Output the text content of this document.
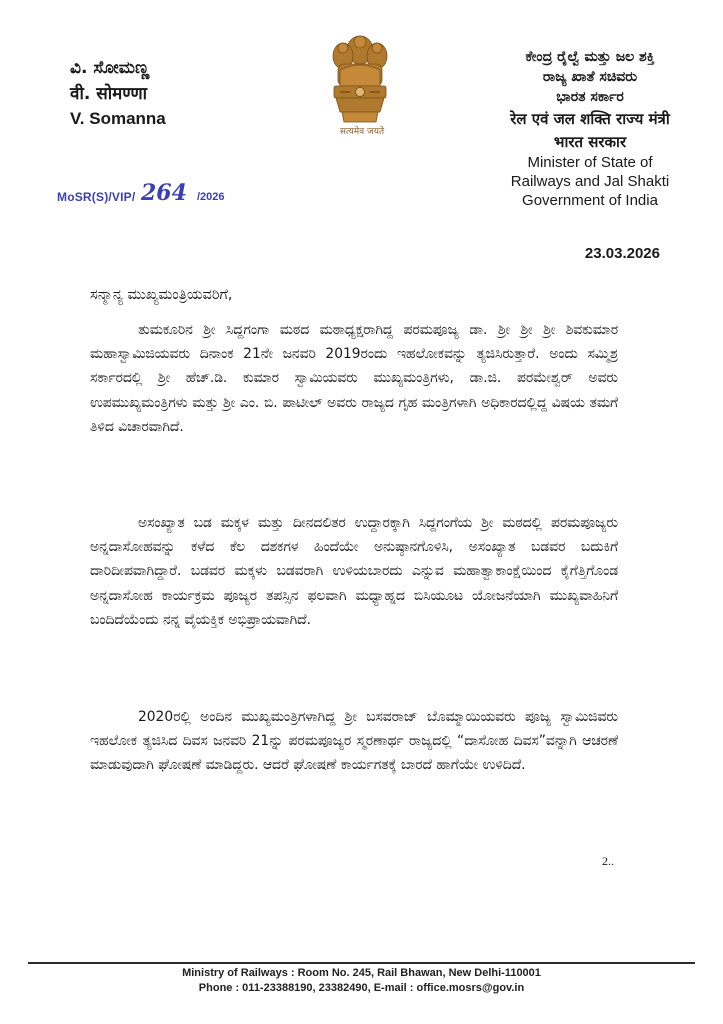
ವಿ. ಸೋಮಣ್ಣ
वी. सोमण्णा
V. Somanna
सत्यमेव जयते
ಕೇಂದ್ರ ರೈಲ್ವೆ ಮತ್ತು ಜಲ ಶಕ್ತಿ
ರಾಜ್ಯ ಖಾತೆ ಸಚಿವರು
ಭಾರತ ಸರ್ಕಾರ
रेल एवं जल शक्ति राज्य मंत्री
भारत सरकार
Minister of State of
Railways and Jal Shakti
Government of India
MoSR(S)/VIP/ 264 /2026
23.03.2026
ಸನ್ಮಾನ್ಯ ಮುಖ್ಯಮಂತ್ರಿಯವರಿಗೆ,
ತುಮಕೂರಿನ ಶ್ರೀ ಸಿದ್ದಗಂಗಾ ಮಠದ ಮಠಾಧ್ಯಕ್ಷರಾಗಿದ್ದ ಪರಮಪೂಜ್ಯ ಡಾ. ಶ್ರೀ ಶ್ರೀ ಶ್ರೀ ಶಿವಕುಮಾರ ಮಹಾಸ್ವಾಮಿಜಿಯವರು ದಿನಾಂಕ 21ನೇ ಜನವರಿ 2019ರಂದು ಇಹಲೋಕವನ್ನು ತ್ಯಜಿಸಿರುತ್ತಾರೆ. ಅಂದು ಸಮ್ಮಿಶ್ರ ಸರ್ಕಾರದಲ್ಲಿ ಶ್ರೀ ಹೆಚ್.ಡಿ. ಕುಮಾರ ಸ್ವಾಮಿಯವರು ಮುಖ್ಯಮಂತ್ರಿಗಳು, ಡಾ.ಜಿ. ಪರಮೇಶ್ವರ್ ಅವರು ಉಪಮುಖ್ಯಮಂತ್ರಿಗಳು ಮತ್ತು ಶ್ರೀ ಎಂ. ಬಿ. ಪಾಟೀಲ್ ಅವರು ರಾಜ್ಯದ ಗೃಹ ಮಂತ್ರಿಗಳಾಗಿ ಅಧಿಕಾರದಲ್ಲಿದ್ದ ವಿಷಯ ತಮಗೆ ತಿಳಿದ ವಿಚಾರವಾಗಿದೆ.
ಅಸಂಖ್ಯಾತ ಬಡ ಮಕ್ಕಳ ಮತ್ತು ದೀನದಲಿತರ ಉದ್ದಾರಕ್ಕಾಗಿ ಸಿದ್ದಗಂಗೆಯ ಶ್ರೀ ಮಠದಲ್ಲಿ ಪರಮಪೂಜ್ಯರು ಅನ್ನದಾಸೋಹವನ್ನು ಕಳೆದ ಕೆಲ ದಶಕಗಳ ಹಿಂದೆಯೇ ಅನುಷ್ಠಾನಗೊಳಿಸಿ, ಅಸಂಖ್ಯಾತ ಬಡವರ ಬದುಕಿಗೆ ದಾರಿದೀಪವಾಗಿದ್ದಾರೆ. ಬಡವರ ಮಕ್ಕಳು ಬಡವರಾಗಿ ಉಳಿಯಬಾರದು ಎನ್ನುವ ಮಹಾತ್ವಾಕಾಂಕ್ಷೆಯಿಂದ ಕೈಗೆತ್ತಿಗೊಂಡ ಅನ್ನದಾಸೋಹ ಕಾರ್ಯಕ್ರಮ ಪೂಜ್ಯರ ತಪಸ್ಸಿನ ಫಲವಾಗಿ ಮಧ್ಯಾಹ್ನದ ಬಿಸಿಯೂಟ ಯೋಜನೆಯಾಗಿ ಮುಖ್ಯವಾಹಿನಿಗೆ ಬಂದಿದೆಯೆಂದು ನನ್ನ ವೈಯಕ್ತಿಕ ಅಭಿಪ್ರಾಯವಾಗಿದೆ.
2020ರಲ್ಲಿ ಅಂದಿನ ಮುಖ್ಯಮಂತ್ರಿಗಳಾಗಿದ್ದ ಶ್ರೀ ಬಸವರಾಜ್ ಬೊಮ್ಮಾಯಿಯವರು ಪೂಜ್ಯ ಸ್ವಾಮಿಜಿವರು ಇಹಲೋಕ ತ್ಯಜಿಸಿದ ದಿವಸ ಜನವರಿ 21ನ್ನು ಪರಮಪೂಜ್ಯರ ಸ್ಮರಣಾರ್ಥ ರಾಜ್ಯದಲ್ಲಿ “ದಾಸೋಹ ದಿವಸ”ವನ್ನಾಗಿ ಆಚರಣೆ ಮಾಡುವುದಾಗಿ ಘೋಷಣೆ ಮಾಡಿದ್ದರು. ಆದರೆ ಘೋಷಣೆ ಕಾರ್ಯಗತಕ್ಕೆ ಬಾರದೆ ಹಾಗೆಯೇ ಉಳಿದಿದೆ.
2..
Ministry of Railways : Room No. 245, Rail Bhawan, New Delhi-110001
Phone : 011-23388190, 23382490, E-mail : office.mosrs@gov.in
